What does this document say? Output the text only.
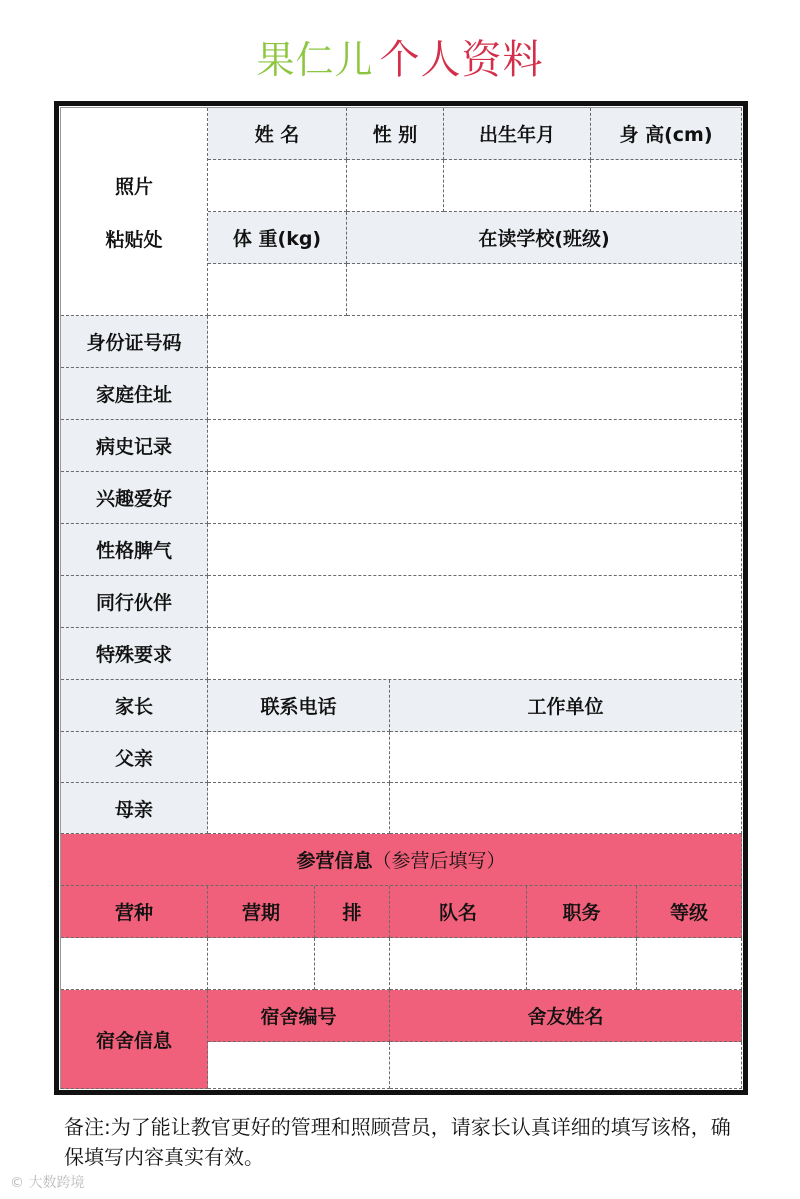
果仁儿 个人资料
照片
粘贴处
姓 名	性 别	出生年月	身 高(cm)
体 重(kg)	在读学校(班级)
身份证号码
家庭住址
病史记录
兴趣爱好
性格脾气
同行伙伴
特殊要求
家长	联系电话	工作单位
父亲
母亲
参营信息 （参营后填写）
营种	营期	排	队名	职务	等级
宿舍信息
宿舍编号	舍友姓名
备注:为了能让教官更好的管理和照顾营员，请家长认真详细的填写该格，确保填写内容真实有效。
© 大数跨境
